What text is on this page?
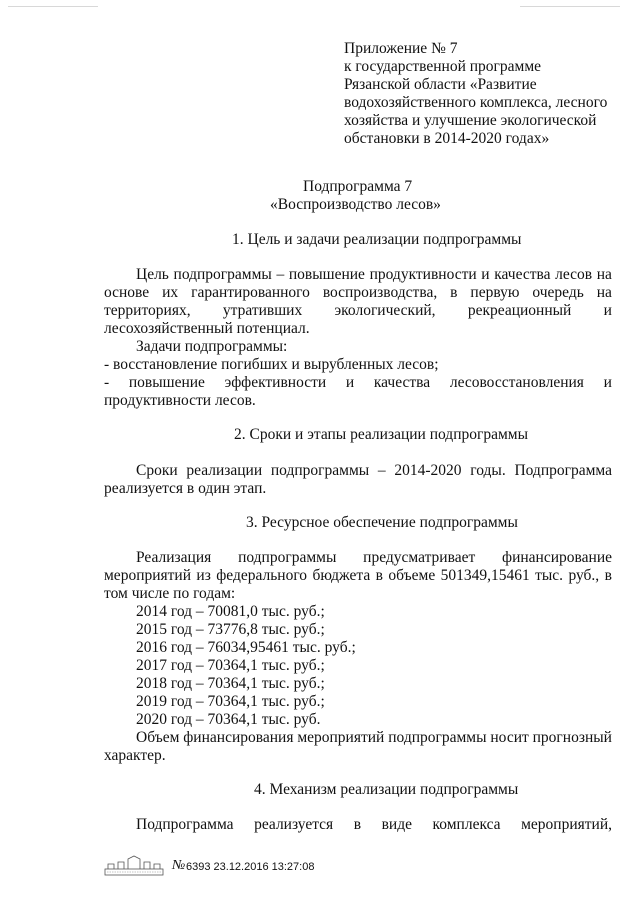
Приложение № 7
к государственной программе
Рязанской области «Развитие
водохозяйственного комплекса, лесного
хозяйства и улучшение экологической
обстановки в 2014-2020 годах»
Подпрограмма 7
«Воспроизводство лесов»
1. Цель и задачи реализации подпрограммы
Цель подпрограммы – повышение продуктивности и качества лесов на
основе их гарантированного воспроизводства, в первую очередь на
территориях, утративших экологический, рекреационный и
лесохозяйственный потенциал.
Задачи подпрограммы:
- восстановление погибших и вырубленных лесов;
- повышение эффективности и качества лесовосстановления и
продуктивности лесов.
2. Сроки и этапы реализации подпрограммы
Сроки реализации подпрограммы – 2014-2020 годы. Подпрограмма
реализуется в один этап.
3. Ресурсное обеспечение подпрограммы
Реализация подпрограммы предусматривает финансирование
мероприятий из федерального бюджета в объеме 501349,15461 тыс. руб., в
том числе по годам:
2014 год – 70081,0 тыс. руб.;
2015 год – 73776,8 тыс. руб.;
2016 год – 76034,95461 тыс. руб.;
2017 год – 70364,1 тыс. руб.;
2018 год – 70364,1 тыс. руб.;
2019 год – 70364,1 тыс. руб.;
2020 год – 70364,1 тыс. руб.
Объем финансирования мероприятий подпрограммы носит прогнозный
характер.
4. Механизм реализации подпрограммы
Подпрограмма реализуется в виде комплекса мероприятий,
№ 6393 23.12.2016 13:27:08
